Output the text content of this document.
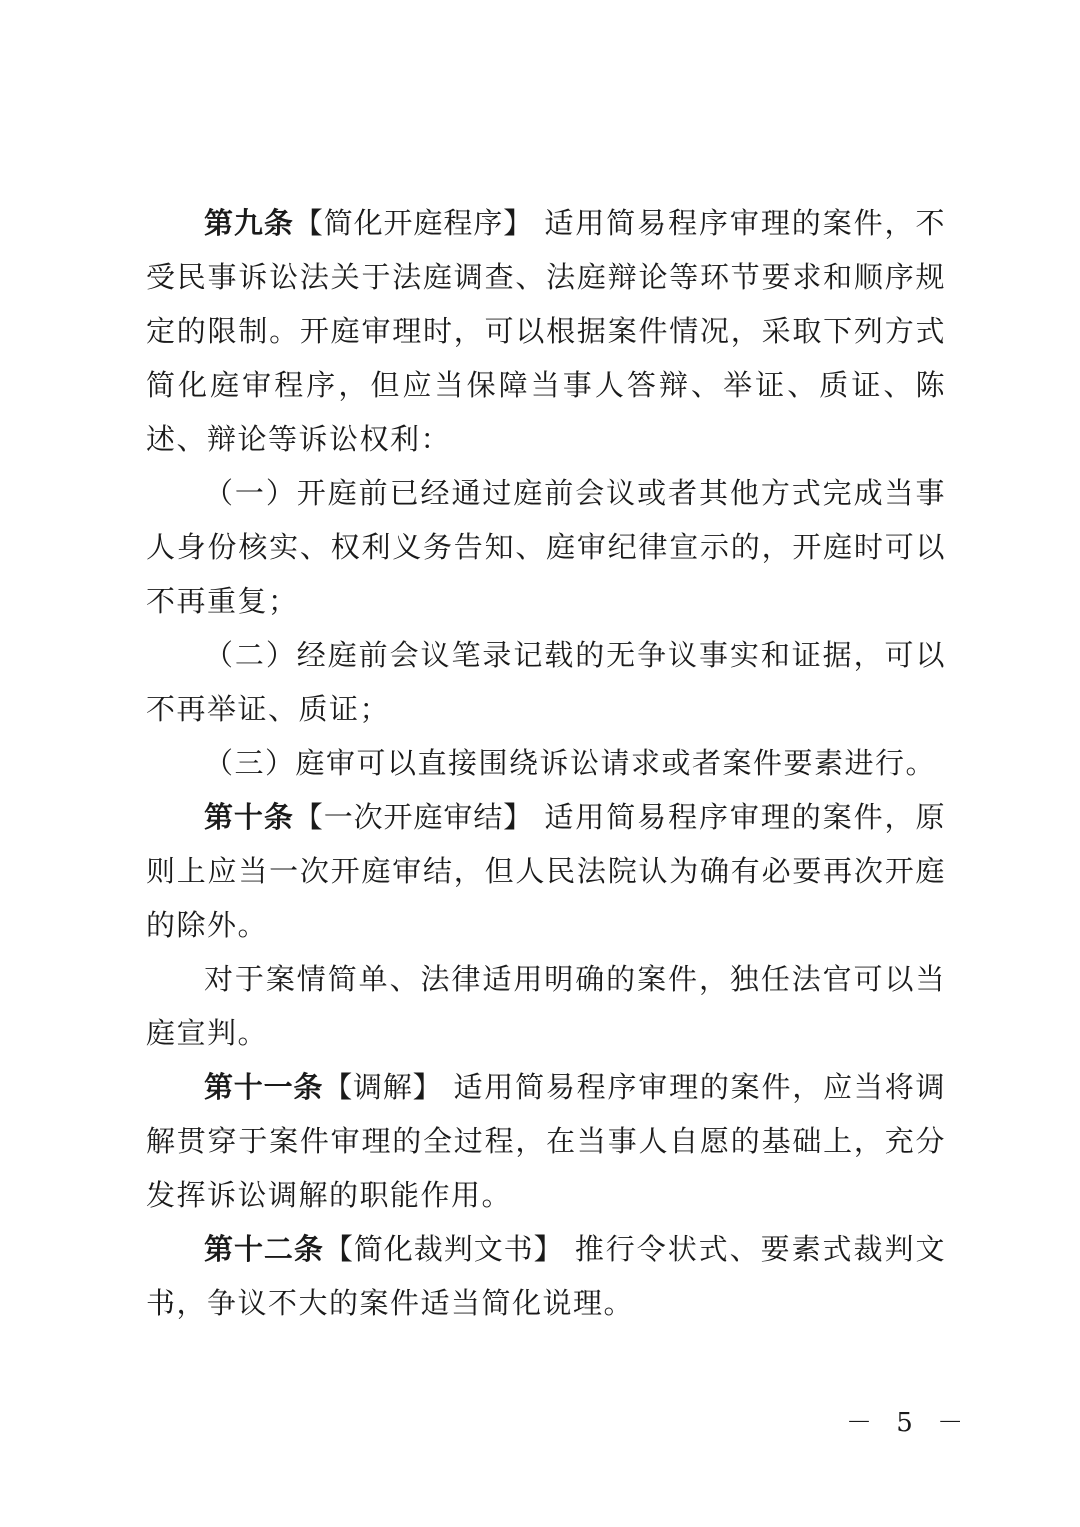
第九条【简化开庭程序】 适用简易程序审理的案件，不受民事诉讼法关于法庭调查、法庭辩论等环节要求和顺序规定的限制。开庭审理时，可以根据案件情况，采取下列方式简化庭审程序，但应当保障当事人答辩、举证、质证、陈述、辩论等诉讼权利：

（一）开庭前已经通过庭前会议或者其他方式完成当事人身份核实、权利义务告知、庭审纪律宣示的，开庭时可以不再重复；

（二）经庭前会议笔录记载的无争议事实和证据，可以不再举证、质证；

（三）庭审可以直接围绕诉讼请求或者案件要素进行。

第十条【一次开庭审结】 适用简易程序审理的案件，原则上应当一次开庭审结，但人民法院认为确有必要再次开庭的除外。

对于案情简单、法律适用明确的案件，独任法官可以当庭宣判。

第十一条【调解】 适用简易程序审理的案件，应当将调解贯穿于案件审理的全过程，在当事人自愿的基础上，充分发挥诉讼调解的职能作用。

第十二条【简化裁判文书】 推行令状式、要素式裁判文书，争议不大的案件适当简化说理。

－ 5 －
